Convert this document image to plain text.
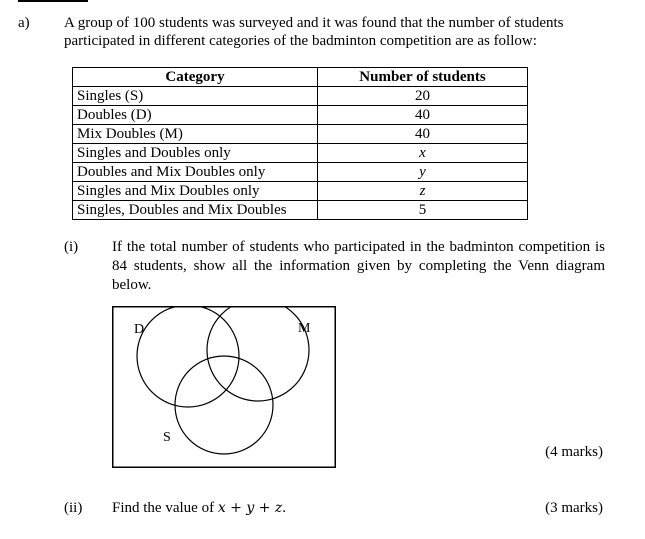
a) A group of 100 students was surveyed and it was found that the number of students participated in different categories of the badminton competition are as follow:
Category	Number of students
Singles (S)	20
Doubles (D)	40
Mix Doubles (M)	40
Singles and Doubles only	x
Doubles and Mix Doubles only	y
Singles and Mix Doubles only	z
Singles, Doubles and Mix Doubles	5
(i) If the total number of students who participated in the badminton competition is 84 students, show all the information given by completing the Venn diagram below.
D	M
S
(4 marks)
(ii) Find the value of x + y + z.	(3 marks)
